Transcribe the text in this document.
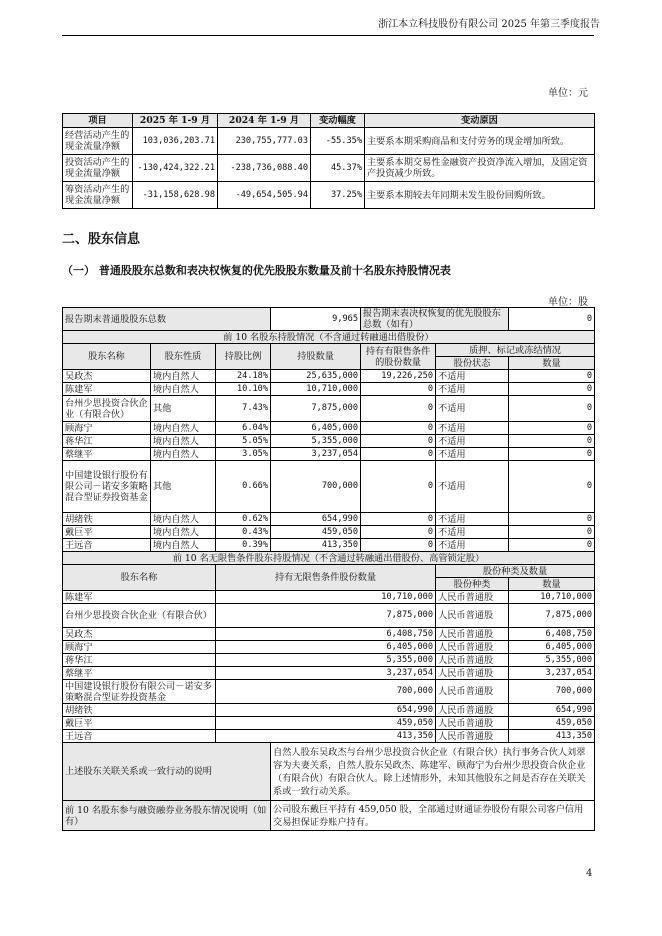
浙江本立科技股份有限公司 2025 年第三季度报告
单位：元
项目	2025 年 1-9 月	2024 年 1-9 月	变动幅度	变动原因
经营活动产生的现金流量净额	103,036,203.71	230,755,777.03	-55.35%	主要系本期采购商品和支付劳务的现金增加所致。
投资活动产生的现金流量净额	-130,424,322.21	-238,736,088.40	45.37%	主要系本期交易性金融资产投资净流入增加，及固定资产投资减少所致。
筹资活动产生的现金流量净额	-31,158,628.98	-49,654,505.94	37.25%	主要系本期较去年同期未发生股份回购所致。
二、股东信息
（一） 普通股股东总数和表决权恢复的优先股股东数量及前十名股东持股情况表
单位：股
报告期末普通股股东总数			9,965	报告期末表决权恢复的优先股股东总数（如有）		0
前 10 名股东持股情况（不含通过转融通出借股份）						
股东名称	股东性质	持股比例	持股数量	持有有限售条件的股份数量	质押、标记或冻结情况	
					股份状态	数量
吴政杰	境内自然人	24.18%	25,635,000	19,226,250	不适用	0
陈建军	境内自然人	10.10%	10,710,000	0	不适用	0
台州少思投资合伙企业（有限合伙）	其他	7.43%	7,875,000	0	不适用	0
顾海宁	境内自然人	6.04%	6,405,000	0	不适用	0
蒋华江	境内自然人	5.05%	5,355,000	0	不适用	0
蔡继平	境内自然人	3.05%	3,237,054	0	不适用	0
中国建设银行股份有限公司－诺安多策略混合型证券投资基金	其他	0.66%	700,000	0	不适用	0
胡绪铁	境内自然人	0.62%	654,990	0	不适用	0
戴巨平	境内自然人	0.43%	459,050	0	不适用	0
王远音	境内自然人	0.39%	413,350	0	不适用	0
前 10 名无限售条件股东持股情况（不含通过转融通出借股份、高管锁定股）						
股东名称		持有无限售条件股份数量			股份种类及数量	
					股份种类	数量
陈建军		10,710,000			人民币普通股	10,710,000
台州少思投资合伙企业（有限合伙）		7,875,000			人民币普通股	7,875,000
吴政杰		6,408,750			人民币普通股	6,408,750
顾海宁		6,405,000			人民币普通股	6,405,000
蒋华江		5,355,000			人民币普通股	5,355,000
蔡继平		3,237,054			人民币普通股	3,237,054
中国建设银行股份有限公司－诺安多策略混合型证券投资基金		700,000			人民币普通股	700,000
胡绪铁		654,990			人民币普通股	654,990
戴巨平		459,050			人民币普通股	459,050
王远音		413,350			人民币普通股	413,350
上述股东关联关系或一致行动的说明			自然人股东吴政杰与台州少思投资合伙企业（有限合伙）执行事务合伙人刘翠容为夫妻关系，自然人股东吴政杰、陈建军、顾海宁为台州少思投资合伙企业（有限合伙）有限合伙人。除上述情形外，未知其他股东之间是否存在关联关系或一致行动关系。			
前 10 名股东参与融资融券业务股东情况说明（如有）			公司股东戴巨平持有 459,050 股，全部通过财通证券股份有限公司客户信用交易担保证券账户持有。			
4
